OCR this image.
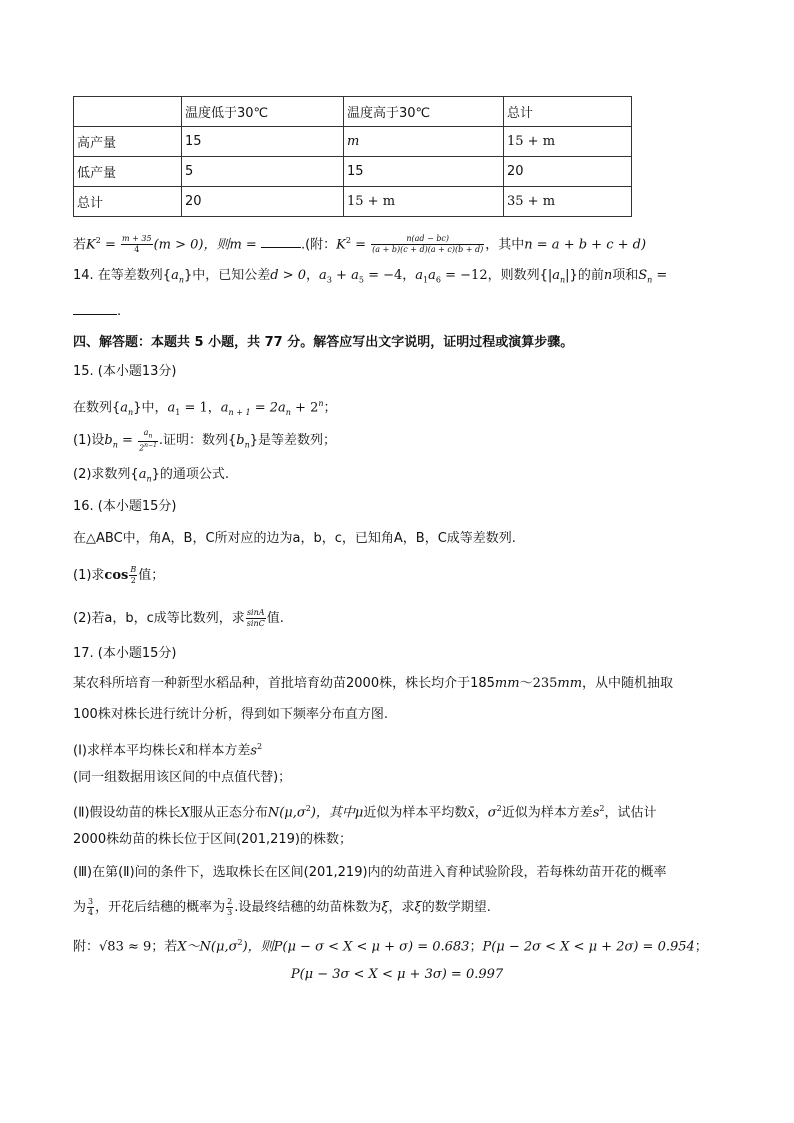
	温度低于30℃	温度高于30℃	总计
高产量	15	m	15 + m
低产量	5	15	20
总计	20	15 + m	35 + m
若$K^2 = \frac{m + 35}{4} (m > 0)$，则m =	.(附：$K^2 = \frac{n(ad - bc)}{(a + b)(c + d)(a + c)(b + d)}$ ，其中n = a + b + c + d)
14. 在等差数列$\{a_n\}$中，已知公差d > 0，$a_3 + a_5 = -4$，$a_1a_6 = -12$，则数列$\{|a_n|\}$的前n项和$S_n$ =
.
四、解答题：本题共 5 小题，共 77 分。解答应写出文字说明，证明过程或演算步骤。
15. (本小题13分)
在数列$\{a_n\}$中，$a_1 = 1$，$a_{n + 1} = 2a_n + 2^n$；
(1)设$b_n = \frac{a_n}{2^{n-1}}$ .证明：数列$\{b_n\}$是等差数列；
(2)求数列$\{a_n\}$的通项公式.
16. (本小题15分)
在△ABC中，角A，B，C所对应的边为a，b，c，已知角A，B，C成等差数列.
(1)求$\cos \frac{B}{2}$ 值；
(2)若a，b，c成等比数列，求 $\frac{\sin A}{\sin C}$ 值.
17. (本小题15分)
某农科所培育一种新型水稻品种，首批培育幼苗2000株，株长均介于185mm～235mm，从中随机抽取
100株对株长进行统计分析，得到如下频率分布直方图.
(Ⅰ)求样本平均株长x̄和样本方差$s^2$
(同一组数据用该区间的中点值代替)；
(Ⅱ)假设幼苗的株长X服从正态分布$N(\mu,\sigma^2)$，其中μ近似为样本平均数x̄，$\sigma^2$近似为样本方差$s^2$，试估计
2000株幼苗的株长位于区间(201,219)的株数；
(Ⅲ)在第(Ⅱ)问的条件下，选取株长在区间(201,219)内的幼苗进入育种试验阶段，若每株幼苗开花的概率
为 $\frac{3}{4}$ ，开花后结穗的概率为 $\frac{2}{3}$ .设最终结穗的幼苗株数为ξ，求ξ的数学期望.
附：√83 ≈ 9；若$X\sim N(\mu,\sigma^2)$，则P(μ − σ < X < μ + σ) = 0.683；P(μ − 2σ < X < μ + 2σ) = 0.954；
P(μ − 3σ < X < μ + 3σ) = 0.997
